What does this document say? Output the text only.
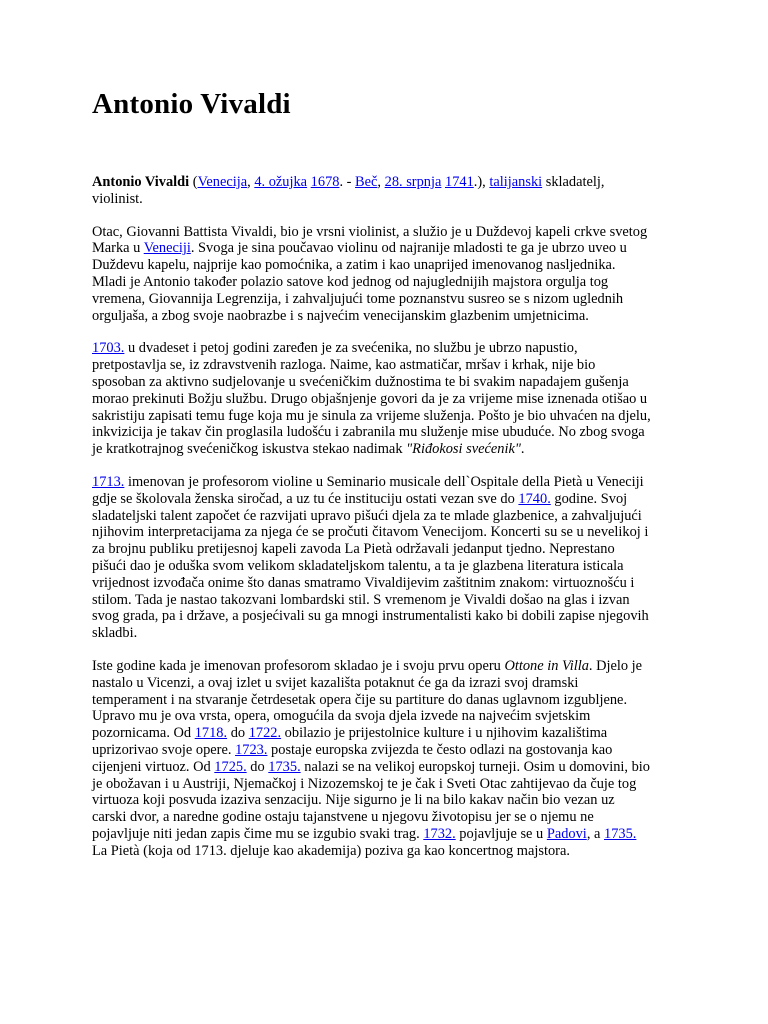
Antonio Vivaldi

Antonio Vivaldi (Venecija, 4. ožujka 1678. - Beč, 28. srpnja 1741.), talijanski skladatelj, violinist.

Otac, Giovanni Battista Vivaldi, bio je vrsni violinist, a služio je u Duždevoj kapeli crkve svetog Marka u Veneciji. Svoga je sina poučavao violinu od najranije mladosti te ga je ubrzo uveo u Duždevu kapelu, najprije kao pomoćnika, a zatim i kao unaprijed imenovanog nasljednika. Mladi je Antonio također polazio satove kod jednog od najuglednijih majstora orgulja tog vremena, Giovannija Legrenzija, i zahvaljujući tome poznanstvu susreo se s nizom uglednih orguljaša, a zbog svoje naobrazbe i s najvećim venecijanskim glazbenim umjetnicima.

1703. u dvadeset i petoj godini zaređen je za svećenika, no službu je ubrzo napustio, pretpostavlja se, iz zdravstvenih razloga. Naime, kao astmatičar, mršav i krhak, nije bio sposoban za aktivno sudjelovanje u svećeničkim dužnostima te bi svakim napadajem gušenja morao prekinuti Božju službu. Drugo objašnjenje govori da je za vrijeme mise iznenada otišao u sakristiju zapisati temu fuge koja mu je sinula za vrijeme služenja. Pošto je bio uhvaćen na djelu, inkvizicija je takav čin proglasila ludošću i zabranila mu služenje mise ubuduće. No zbog svoga je kratkotrajnog svećeničkog iskustva stekao nadimak "Riđokosi svećenik".

1713. imenovan je profesorom violine u Seminario musicale dell`Ospitale della Pietà u Veneciji gdje se školovala ženska siročad, a uz tu će instituciju ostati vezan sve do 1740. godine. Svoj sladateljski talent započet će razvijati upravo pišući djela za te mlade glazbenice, a zahvaljujući njihovim interpretacijama za njega će se pročuti čitavom Venecijom. Koncerti su se u nevelikoj i za brojnu publiku pretijesnoj kapeli zavoda La Pietà održavali jedanput tjedno. Neprestano pišući dao je oduška svom velikom skladateljskom talentu, a ta je glazbena literatura isticala vrijednost izvođača onime što danas smatramo Vivaldijevim zaštitnim znakom: virtuoznošću i stilom. Tada je nastao takozvani lombardski stil. S vremenom je Vivaldi došao na glas i izvan svog grada, pa i države, a posjećivali su ga mnogi instrumentalisti kako bi dobili zapise njegovih skladbi.

Iste godine kada je imenovan profesorom skladao je i svoju prvu operu Ottone in Villa. Djelo je nastalo u Vicenzi, a ovaj izlet u svijet kazališta potaknut će ga da izrazi svoj dramski temperament i na stvaranje četrdesetak opera čije su partiture do danas uglavnom izgubljene. Upravo mu je ova vrsta, opera, omogućila da svoja djela izvede na najvećim svjetskim pozornicama. Od 1718. do 1722. obilazio je prijestolnice kulture i u njihovim kazalištima uprizorivao svoje opere. 1723. postaje europska zvijezda te često odlazi na gostovanja kao cijenjeni virtuoz. Od 1725. do 1735. nalazi se na velikoj europskoj turneji. Osim u domovini, bio je obožavan i u Austriji, Njemačkoj i Nizozemskoj te je čak i Sveti Otac zahtijevao da čuje tog virtuoza koji posvuda izaziva senzaciju. Nije sigurno je li na bilo kakav način bio vezan uz carski dvor, a naredne godine ostaju tajanstvene u njegovu životopisu jer se o njemu ne pojavljuje niti jedan zapis čime mu se izgubio svaki trag. 1732. pojavljuje se u Padovi, a 1735. La Pietà (koja od 1713. djeluje kao akademija) poziva ga kao koncertnog majstora.
